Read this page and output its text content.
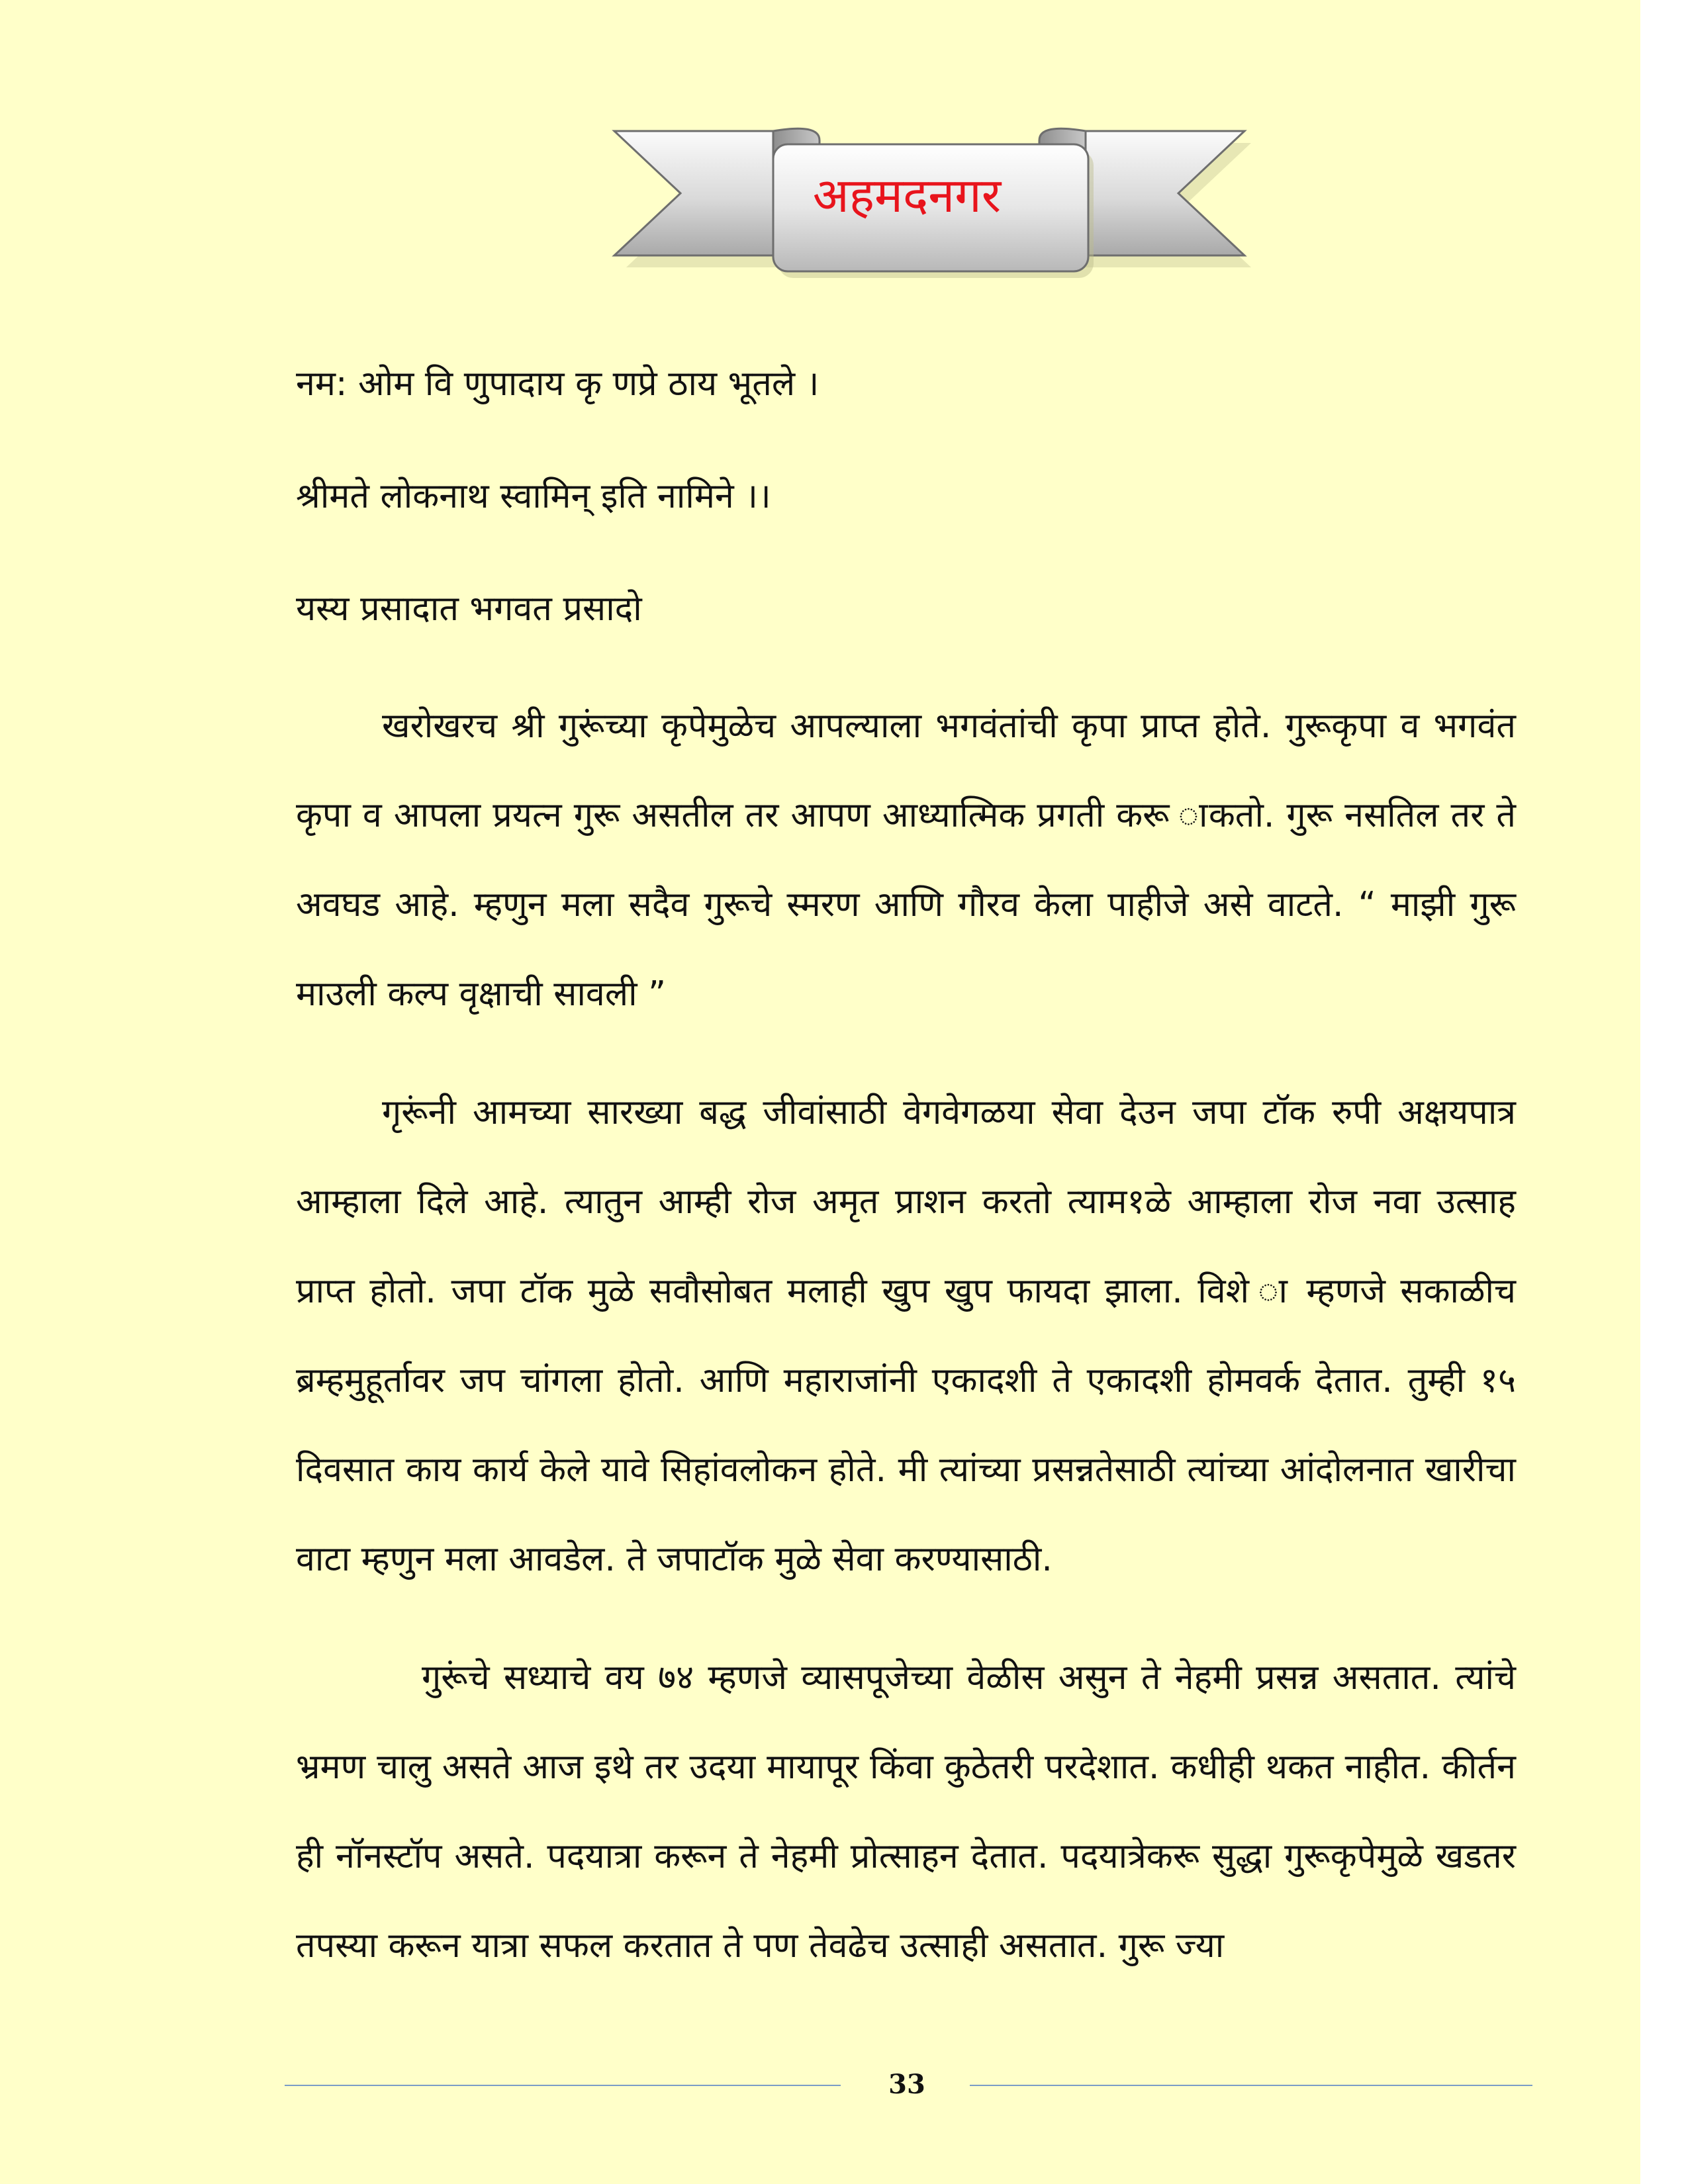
अहमदनगर

नम: ओम वि णुपादाय कृ णप्रे ठाय भूतले ।

श्रीमते लोकनाथ स्वामिन् इति नामिने ।।

यस्य प्रसादात भगवत प्रसादो

खरोखरच श्री गुरूंच्या कृपेमुळेच आपल्याला भगवंतांची कृपा प्राप्त होते. गुरूकृपा व भगवंत कृपा व आपला प्रयत्न गुरू असतील तर आपण आध्यात्मिक प्रगती करू ाकतो. गुरू नसतिल तर ते अवघड आहे. म्हणुन मला सदैव गुरूचे स्मरण आणि गौरव केला पाहीजे असे वाटते. “ माझी गुरू माउली कल्प वृक्षाची सावली ”

गृरूंनी आमच्या सारख्या बद्ध जीवांसाठी वेगवेगळया सेवा देउन जपा टॉक रुपी अक्षयपात्र आम्हाला दिले आहे. त्यातुन आम्ही रोज अमृत प्राशन करतो त्याम१ळे आम्हाला रोज नवा उत्साह प्राप्त होतो. जपा टॉक मुळे सवौसोबत मलाही खुप खुप फायदा झाला. विशे ा म्हणजे सकाळीच ब्रम्हमुहूर्तावर जप चांगला होतो. आणि महाराजांनी एकादशी ते एकादशी होमवर्क देतात. तुम्ही १५ दिवसात काय कार्य केले यावे सिहांवलोकन होते. मी त्यांच्या प्रसन्नतेसाठी त्यांच्या आंदोलनात खारीचा वाटा म्हणुन मला आवडेल. ते जपाटॉक मुळे सेवा करण्यासाठी.

गुरूंचे सध्याचे वय ७४ म्हणजे व्यासपूजेच्या वेळीस असुन ते नेहमी प्रसन्न असतात. त्यांचे भ्रमण चालु असते आज इथे तर उदया मायापूर किंवा कुठेतरी परदेशात. कधीही थकत नाहीत. कीर्तन ही नॉनस्टॉप असते. पदयात्रा करून ते नेहमी प्रोत्साहन देतात. पदयात्रेकरू सुद्धा गुरूकृपेमुळे खडतर तपस्या करून यात्रा सफल करतात ते पण तेवढेच उत्साही असतात. गुरू ज्या

33
